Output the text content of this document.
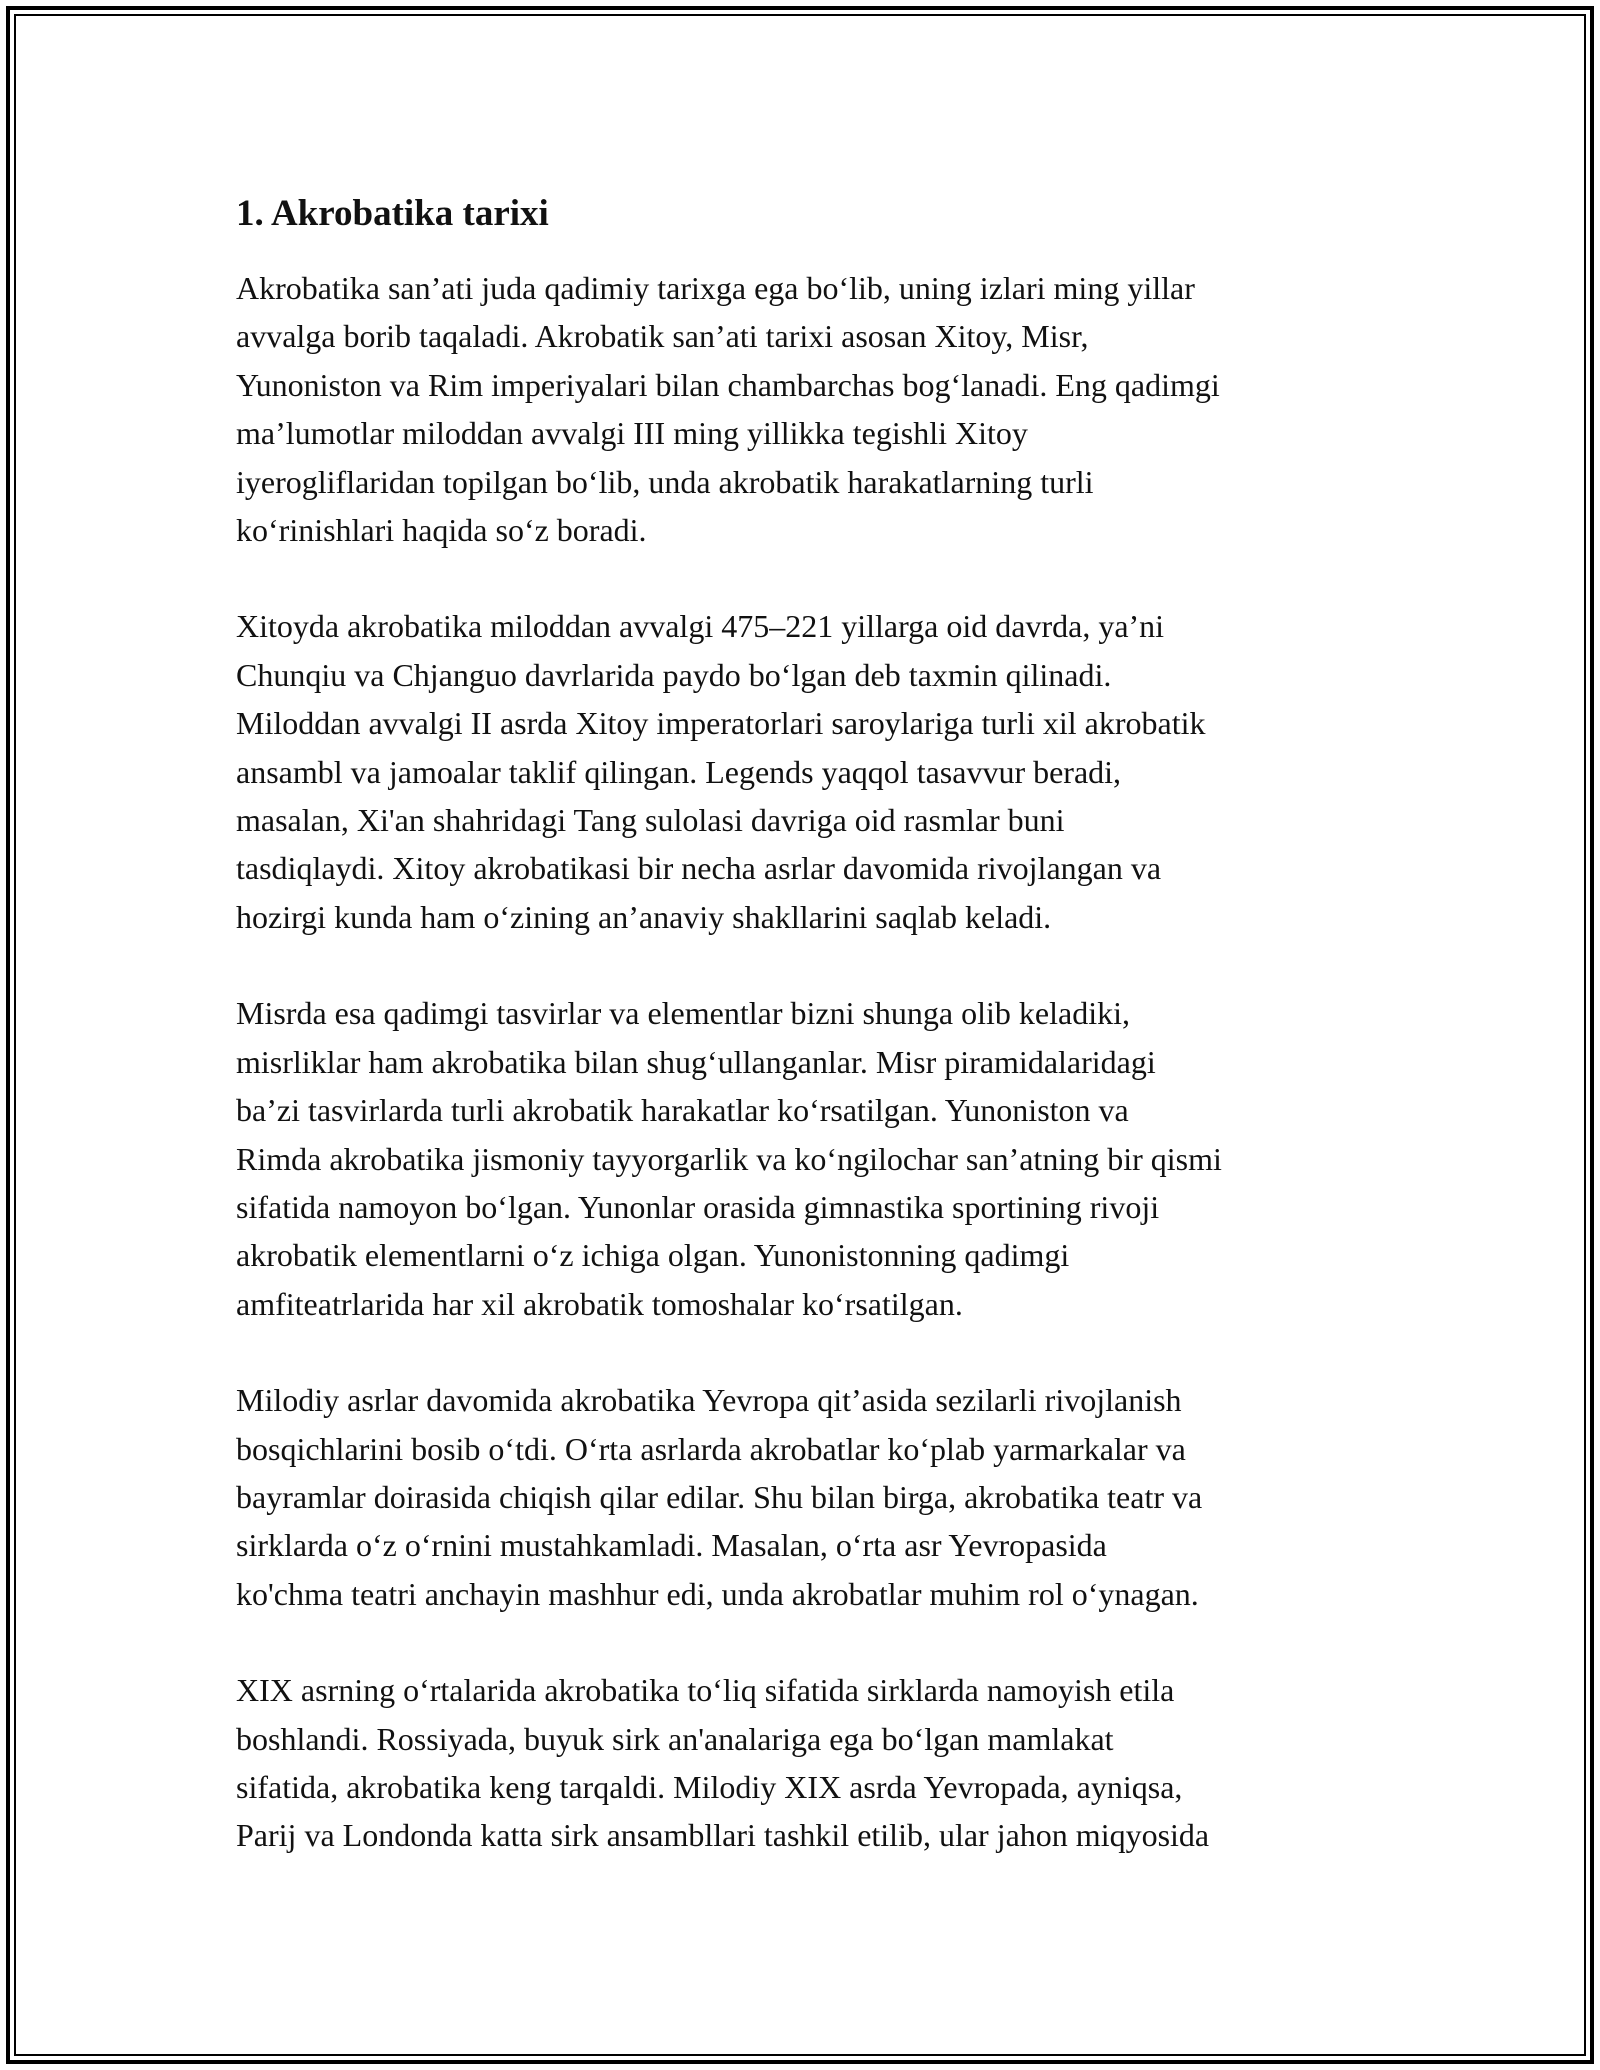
1. Akrobatika tarixi

Akrobatika san’ati juda qadimiy tarixga ega bo‘lib, uning izlari ming yillar
avvalga borib taqaladi. Akrobatik san’ati tarixi asosan Xitoy, Misr,
Yunoniston va Rim imperiyalari bilan chambarchas bog‘lanadi. Eng qadimgi
ma’lumotlar miloddan avvalgi III ming yillikka tegishli Xitoy
iyerogliflaridan topilgan bo‘lib, unda akrobatik harakatlarning turli
ko‘rinishlari haqida so‘z boradi.

Xitoyda akrobatika miloddan avvalgi 475–221 yillarga oid davrda, ya’ni
Chunqiu va Chjanguo davrlarida paydo bo‘lgan deb taxmin qilinadi.
Miloddan avvalgi II asrda Xitoy imperatorlari saroylariga turli xil akrobatik
ansambl va jamoalar taklif qilingan. Legends yaqqol tasavvur beradi,
masalan, Xi'an shahridagi Tang sulolasi davriga oid rasmlar buni
tasdiqlaydi. Xitoy akrobatikasi bir necha asrlar davomida rivojlangan va
hozirgi kunda ham o‘zining an’anaviy shakllarini saqlab keladi.

Misrda esa qadimgi tasvirlar va elementlar bizni shunga olib keladiki,
misrliklar ham akrobatika bilan shug‘ullanganlar. Misr piramidalaridagi
ba’zi tasvirlarda turli akrobatik harakatlar ko‘rsatilgan. Yunoniston va
Rimda akrobatika jismoniy tayyorgarlik va ko‘ngilochar san’atning bir qismi
sifatida namoyon bo‘lgan. Yunonlar orasida gimnastika sportining rivoji
akrobatik elementlarni o‘z ichiga olgan. Yunonistonning qadimgi
amfiteatrlarida har xil akrobatik tomoshalar ko‘rsatilgan.

Milodiy asrlar davomida akrobatika Yevropa qit’asida sezilarli rivojlanish
bosqichlarini bosib o‘tdi. O‘rta asrlarda akrobatlar ko‘plab yarmarkalar va
bayramlar doirasida chiqish qilar edilar. Shu bilan birga, akrobatika teatr va
sirklarda o‘z o‘rnini mustahkamladi. Masalan, o‘rta asr Yevropasida
ko'chma teatri anchayin mashhur edi, unda akrobatlar muhim rol o‘ynagan.

XIX asrning o‘rtalarida akrobatika to‘liq sifatida sirklarda namoyish etila
boshlandi. Rossiyada, buyuk sirk an'analariga ega bo‘lgan mamlakat
sifatida, akrobatika keng tarqaldi. Milodiy XIX asrda Yevropada, ayniqsa,
Parij va Londonda katta sirk ansambllari tashkil etilib, ular jahon miqyosida
